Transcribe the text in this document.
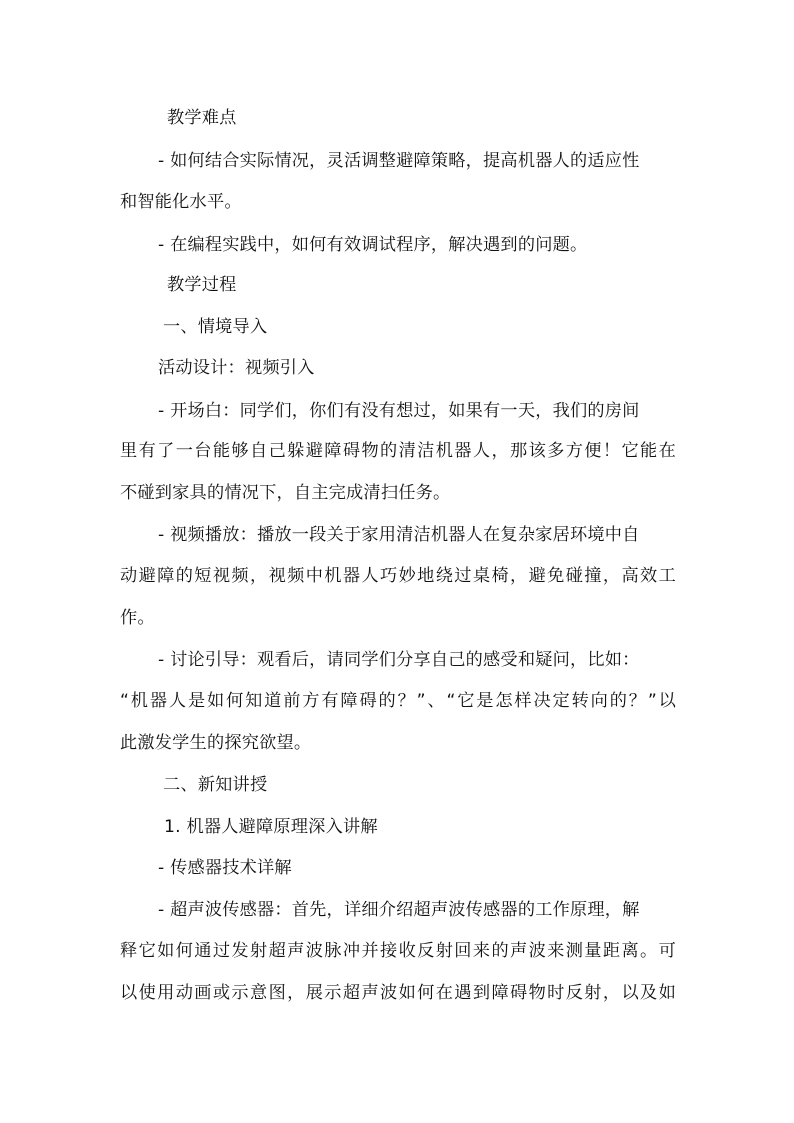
教学难点
- 如何结合实际情况，灵活调整避障策略，提高机器人的适应性
和智能化水平。
- 在编程实践中，如何有效调试程序，解决遇到的问题。
教学过程
一、情境导入
活动设计：视频引入
- 开场白：同学们，你们有没有想过，如果有一天，我们的房间
里有了一台能够自己躲避障碍物的清洁机器人，那该多方便！它能在
不碰到家具的情况下，自主完成清扫任务。
- 视频播放：播放一段关于家用清洁机器人在复杂家居环境中自
动避障的短视频，视频中机器人巧妙地绕过桌椅，避免碰撞，高效工
作。
- 讨论引导：观看后，请同学们分享自己的感受和疑问，比如：
“机器人是如何知道前方有障碍的？”、“它是怎样决定转向的？”以
此激发学生的探究欲望。
二、新知讲授
1. 机器人避障原理深入讲解
- 传感器技术详解
- 超声波传感器：首先，详细介绍超声波传感器的工作原理，解
释它如何通过发射超声波脉冲并接收反射回来的声波来测量距离。可
以使用动画或示意图，展示超声波如何在遇到障碍物时反射，以及如
